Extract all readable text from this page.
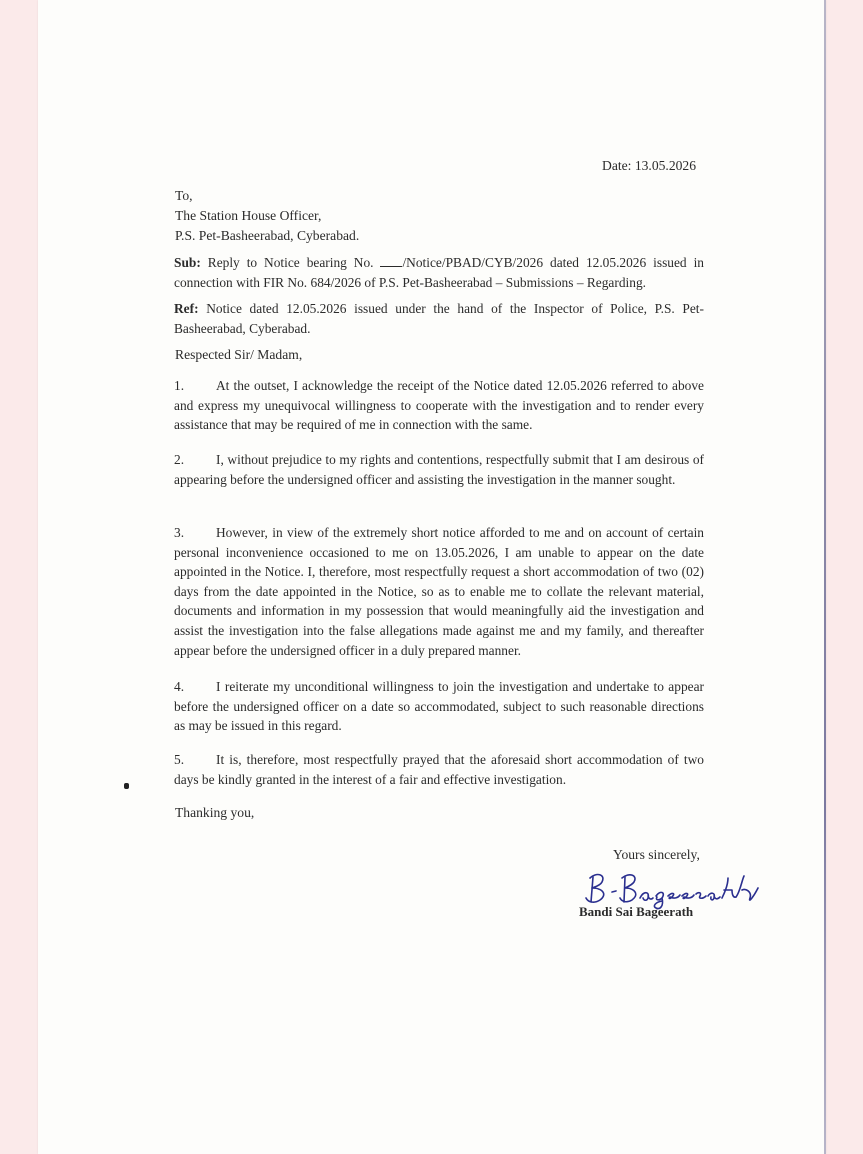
Date: 13.05.2026
To,
The Station House Officer,
P.S. Pet-Basheerabad, Cyberabad.
Sub: Reply to Notice bearing No. /Notice/PBAD/CYB/2026 dated 12.05.2026 issued in connection with FIR No. 684/2026 of P.S. Pet-Basheerabad – Submissions – Regarding.
Ref: Notice dated 12.05.2026 issued under the hand of the Inspector of Police, P.S. Pet-Basheerabad, Cyberabad.
Respected Sir/ Madam,
1. At the outset, I acknowledge the receipt of the Notice dated 12.05.2026 referred to above and express my unequivocal willingness to cooperate with the investigation and to render every assistance that may be required of me in connection with the same.
2. I, without prejudice to my rights and contentions, respectfully submit that I am desirous of appearing before the undersigned officer and assisting the investigation in the manner sought.
3. However, in view of the extremely short notice afforded to me and on account of certain personal inconvenience occasioned to me on 13.05.2026, I am unable to appear on the date appointed in the Notice. I, therefore, most respectfully request a short accommodation of two (02) days from the date appointed in the Notice, so as to enable me to collate the relevant material, documents and information in my possession that would meaningfully aid the investigation and assist the investigation into the false allegations made against me and my family, and thereafter appear before the undersigned officer in a duly prepared manner.
4. I reiterate my unconditional willingness to join the investigation and undertake to appear before the undersigned officer on a date so accommodated, subject to such reasonable directions as may be issued in this regard.
5. It is, therefore, most respectfully prayed that the aforesaid short accommodation of two days be kindly granted in the interest of a fair and effective investigation.
Thanking you,
Yours sincerely,
Bandi Sai Bageerath
